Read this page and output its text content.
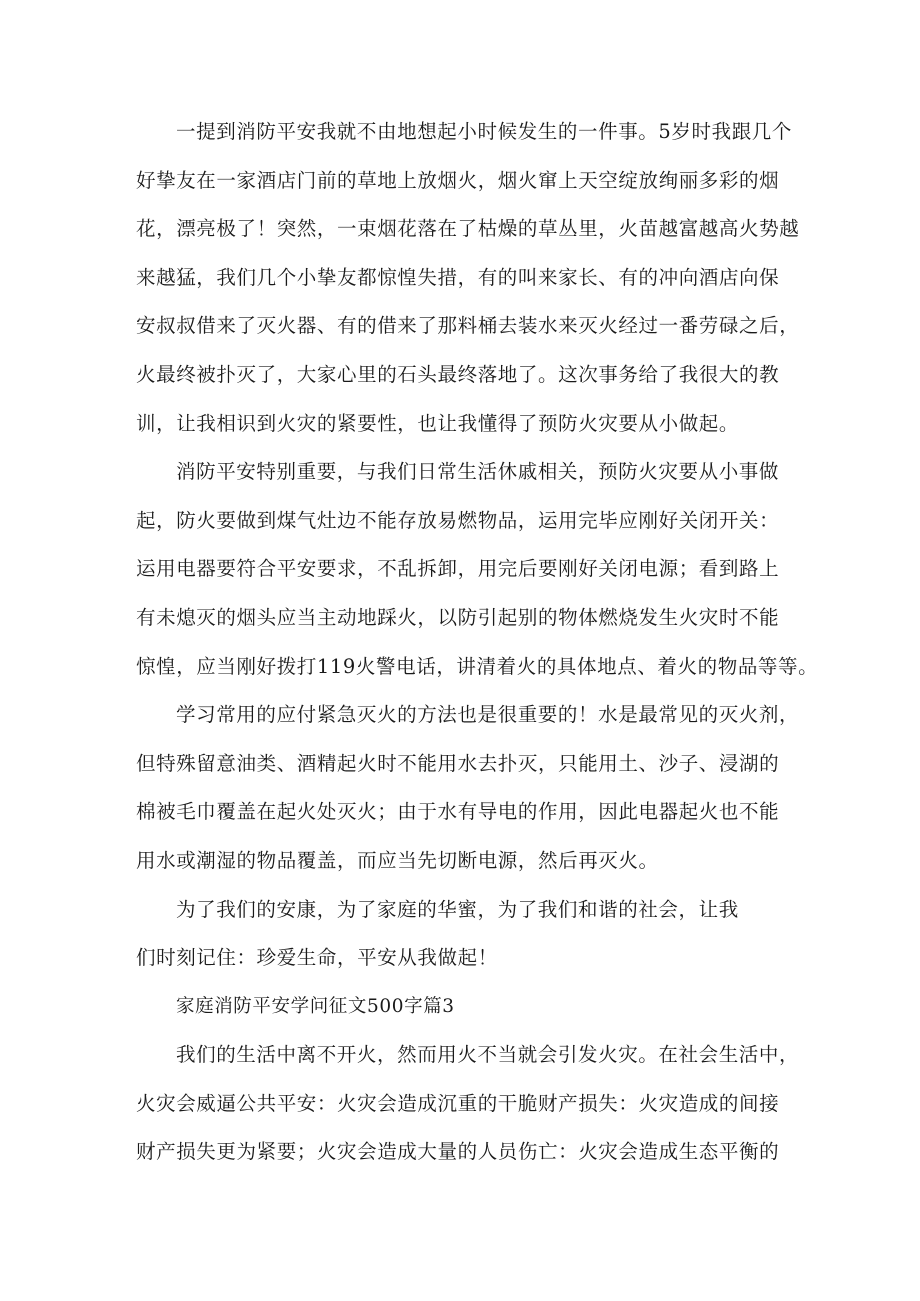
一提到消防平安我就不由地想起小时候发生的一件事。5岁时我跟几个
好挚友在一家酒店门前的草地上放烟火，烟火窜上天空绽放绚丽多彩的烟
花，漂亮极了！突然，一束烟花落在了枯燥的草丛里，火苗越富越高火势越
来越猛，我们几个小挚友都惊惶失措，有的叫来家长、有的冲向酒店向保
安叔叔借来了灭火器、有的借来了那料桶去装水来灭火经过一番劳碌之后，
火最终被扑灭了，大家心里的石头最终落地了。这次事务给了我很大的教
训，让我相识到火灾的紧要性，也让我懂得了预防火灾要从小做起。
消防平安特别重要，与我们日常生活休戚相关，预防火灾要从小事做
起，防火要做到煤气灶边不能存放易燃物品，运用完毕应刚好关闭开关：
运用电器要符合平安要求，不乱拆卸，用完后要刚好关闭电源；看到路上
有未熄灭的烟头应当主动地踩火，以防引起别的物体燃烧发生火灾时不能
惊惶，应当刚好拨打119火警电话，讲清着火的具体地点、着火的物品等等。
学习常用的应付紧急灭火的方法也是很重要的！水是最常见的灭火剂，
但特殊留意油类、酒精起火时不能用水去扑灭，只能用土、沙子、浸湖的
棉被毛巾覆盖在起火处灭火；由于水有导电的作用，因此电器起火也不能
用水或潮湿的物品覆盖，而应当先切断电源，然后再灭火。
为了我们的安康，为了家庭的华蜜，为了我们和谐的社会，让我
们时刻记住：珍爱生命，平安从我做起！
家庭消防平安学问征文500字篇3
我们的生活中离不开火，然而用火不当就会引发火灾。在社会生活中，
火灾会威逼公共平安：火灾会造成沉重的干脆财产损失：火灾造成的间接
财产损失更为紧要；火灾会造成大量的人员伤亡：火灾会造成生态平衡的
